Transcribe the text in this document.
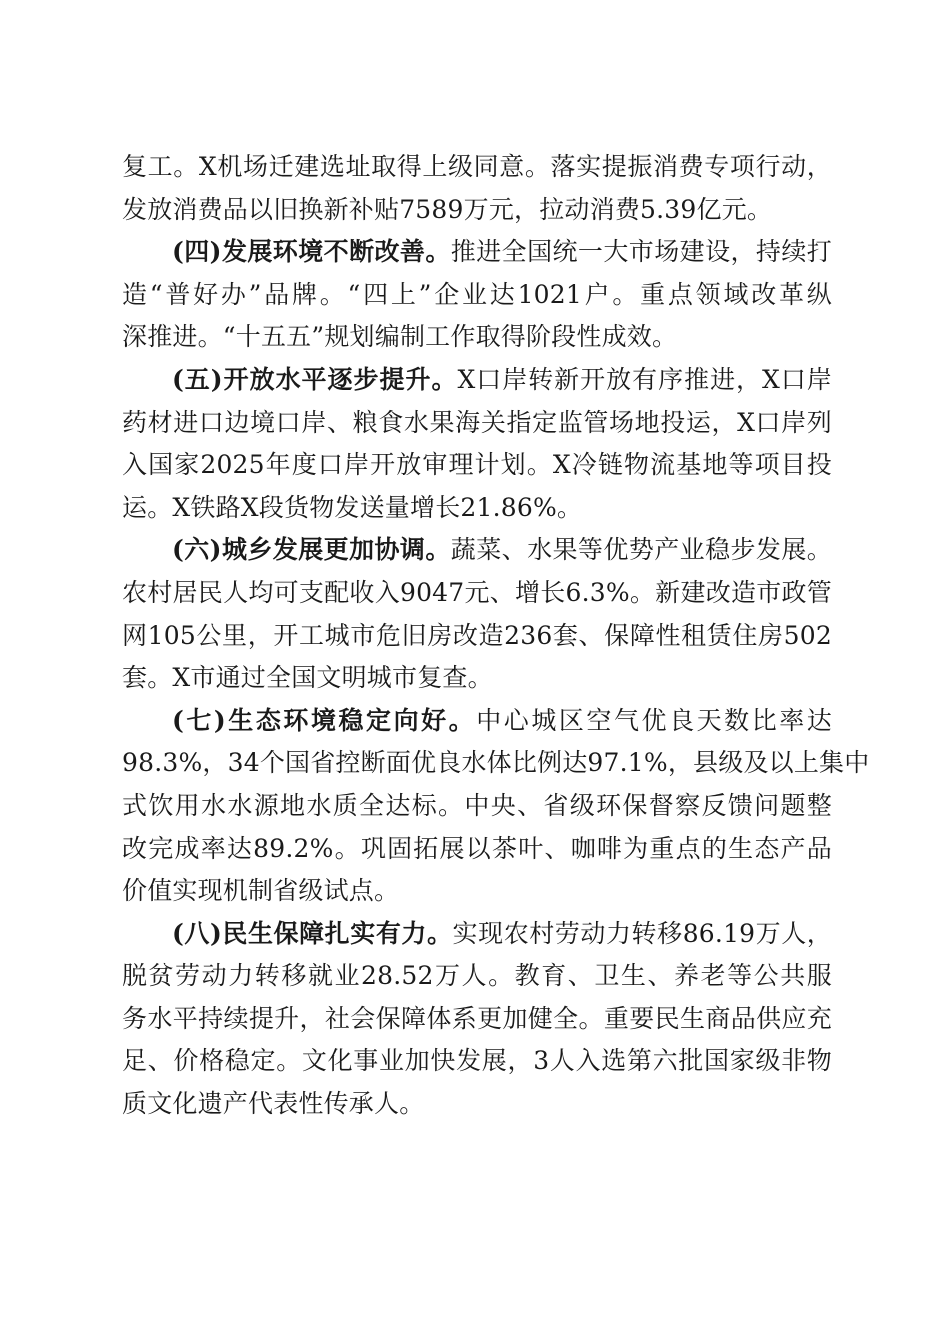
复工。X机场迁建选址取得上级同意。落实提振消费专项行动，
发放消费品以旧换新补贴7589万元，拉动消费5.39亿元。
(四)发展环境不断改善。推进全国统一大市场建设，持续打
造“普好办”品牌。“四上”企业达1021户。重点领域改革纵
深推进。“十五五”规划编制工作取得阶段性成效。
(五)开放水平逐步提升。X口岸转新开放有序推进，X口岸
药材进口边境口岸、粮食水果海关指定监管场地投运，X口岸列
入国家2025年度口岸开放审理计划。X冷链物流基地等项目投
运。X铁路X段货物发送量增长21.86%。
(六)城乡发展更加协调。蔬菜、水果等优势产业稳步发展。
农村居民人均可支配收入9047元、增长6.3%。新建改造市政管
网105公里，开工城市危旧房改造236套、保障性租赁住房502
套。X市通过全国文明城市复查。
(七)生态环境稳定向好。中心城区空气优良天数比率达
98.3%，34个国省控断面优良水体比例达97.1%，县级及以上集中
式饮用水水源地水质全达标。中央、省级环保督察反馈问题整
改完成率达89.2%。巩固拓展以茶叶、咖啡为重点的生态产品
价值实现机制省级试点。
(八)民生保障扎实有力。实现农村劳动力转移86.19万人，
脱贫劳动力转移就业28.52万人。教育、卫生、养老等公共服
务水平持续提升，社会保障体系更加健全。重要民生商品供应充
足、价格稳定。文化事业加快发展，3人入选第六批国家级非物
质文化遗产代表性传承人。
